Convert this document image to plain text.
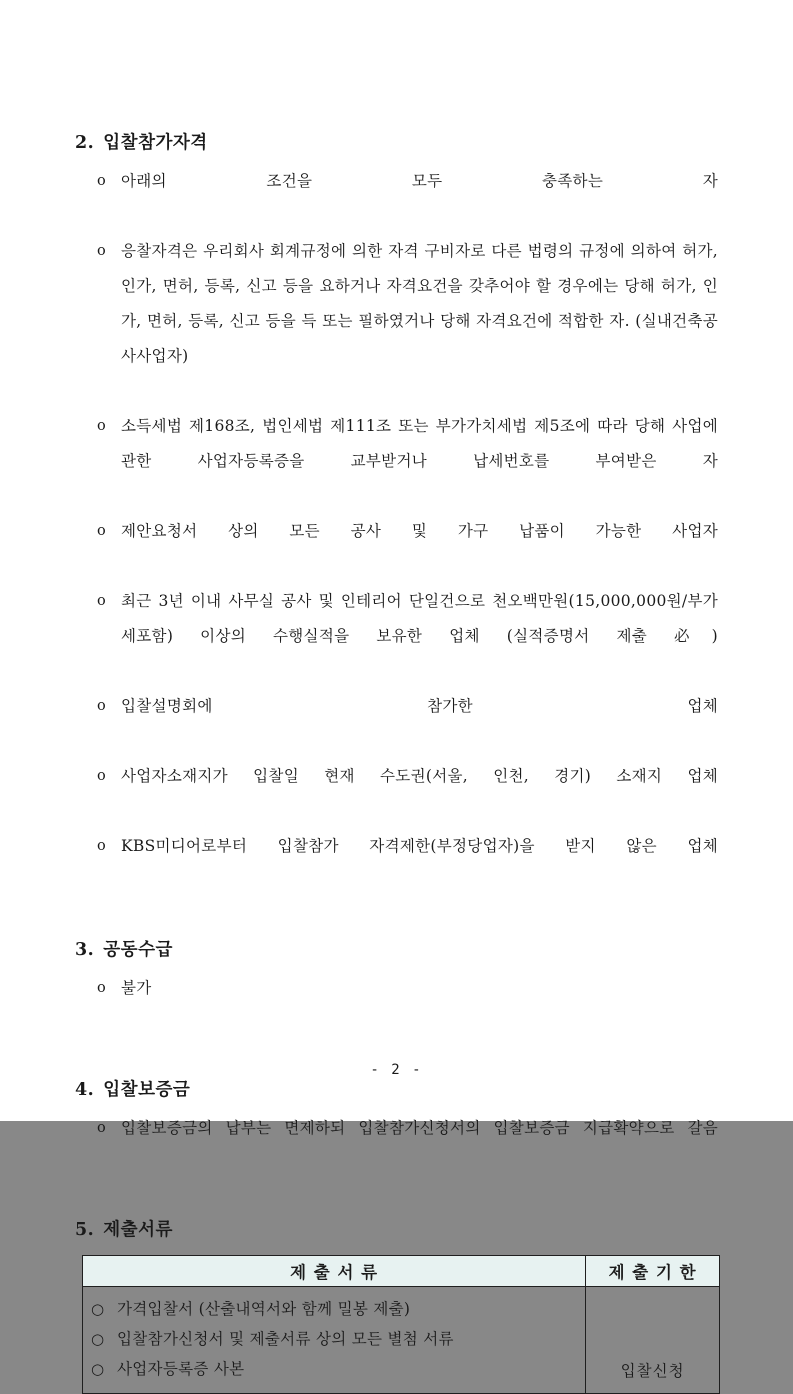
2. 입찰참가자격
o 아래의 조건을 모두 충족하는 자
o 응찰자격은 우리회사 회계규정에 의한 자격 구비자로 다른 법령의 규정에 의하여 허가, 인가, 면허, 등록, 신고 등을 요하거나 자격요건을 갖추어야 할 경우에는 당해 허가, 인가, 면허, 등록, 신고 등을 득 또는 필하였거나 당해 자격요건에 적합한 자. (실내건축공사사업자)
o 소득세법 제168조, 법인세법 제111조 또는 부가가치세법 제5조에 따라 당해 사업에 관한 사업자등록증을 교부받거나 납세번호를 부여받은 자
o 제안요청서 상의 모든 공사 및 가구 납품이 가능한 사업자
o 최근 3년 이내 사무실 공사 및 인테리어 단일건으로 천오백만원(15,000,000원/부가세포함) 이상의 수행실적을 보유한 업체 (실적증명서 제출 必)
o 입찰설명회에 참가한 업체
o 사업자소재지가 입찰일 현재 수도권(서울, 인천, 경기) 소재지 업체
o KBS미디어로부터 입찰참가 자격제한(부정당업자)을 받지 않은 업체
3. 공동수급
o 불가
4. 입찰보증금
o 입찰보증금의 납부는 면제하되 입찰참가신청서의 입찰보증금 지급확약으로 갈음
5. 제출서류
제 출 서 류	제 출 기 한

○ 가격입찰서 (산출내역서와 함께 밀봉 제출)
○ 입찰참가신청서 및 제출서류 상의 모든 별첨 서류
○ 사업자등록증 사본	입찰신청
- 2 -
